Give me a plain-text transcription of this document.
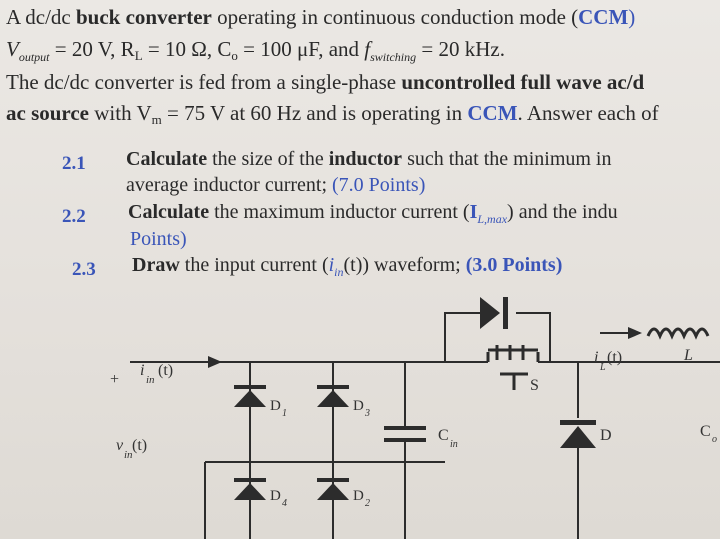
A dc/dc buck converter operating in continuous conduction mode (CCM)
$V_{output} = 20$ V, RL = 10 Ω, Co = 100 μF, and $f_{switching} = 20$ kHz.
The dc/dc converter is fed from a single-phase uncontrolled full wave ac/d
ac source with Vm = 75 V at 60 Hz and is operating in CCM. Answer each of
2.1 Calculate the size of the inductor such that the minimum in
average inductor current; (7.0 Points)
2.2 Calculate the maximum inductor current $(I_{L,max})$ and the indu
Points)
2.3 Draw the input current $(i_{in}(t))$ waveform; (3.0 Points)
+
i
in
(t)
v
in
(t)
D 1	D 3
D 4	D 2
C
in
S
i
L
(t)	L
D	C o
